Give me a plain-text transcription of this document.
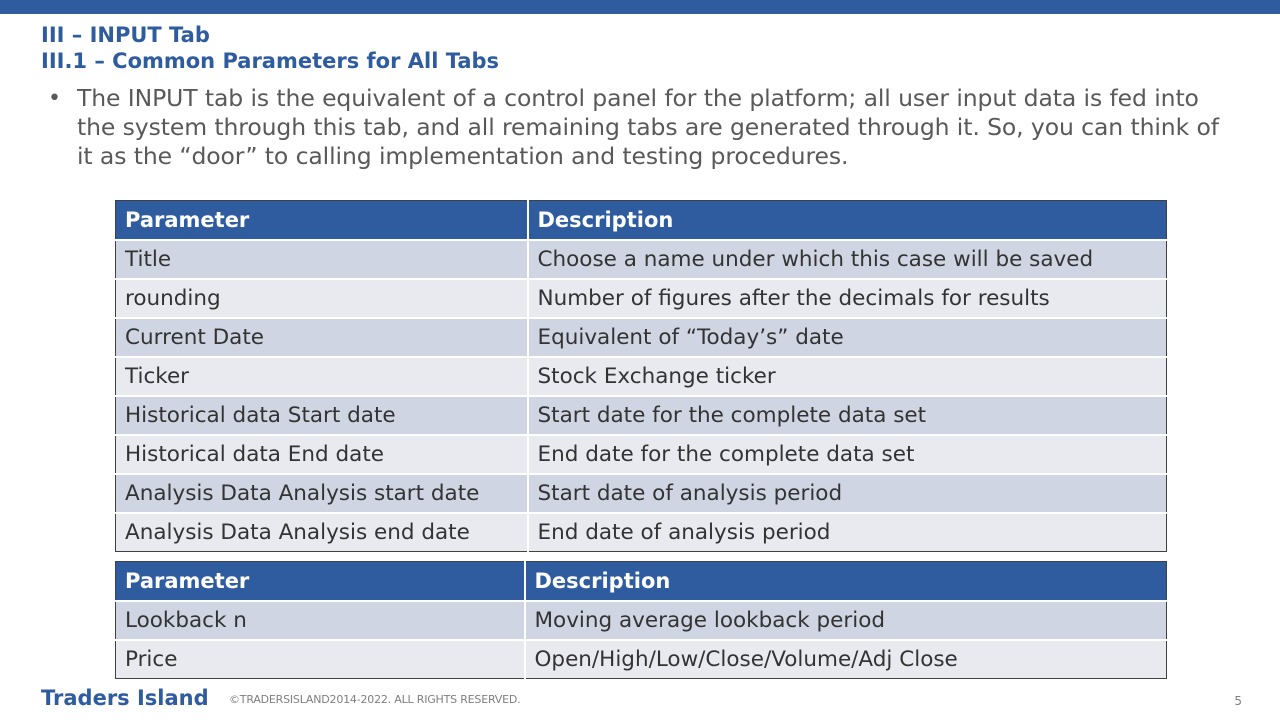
III – INPUT Tab
III.1 – Common Parameters for All Tabs
• The INPUT tab is the equivalent of a control panel for the platform; all user input data is fed into the system through this tab, and all remaining tabs are generated through it. So, you can think of it as the “door” to calling implementation and testing procedures.
Parameter	Description
Title	Choose a name under which this case will be saved
rounding	Number of figures after the decimals for results
Current Date	Equivalent of “Today’s” date
Ticker	Stock Exchange ticker
Historical data Start date	Start date for the complete data set
Historical data End date	End date for the complete data set
Analysis Data Analysis start date	Start date of analysis period
Analysis Data Analysis end date	End date of analysis period
Parameter	Description
Lookback n	Moving average lookback period
Price	Open/High/Low/Close/Volume/Adj Close
Traders Island ©TRADERSISLAND2014-2022. ALL RIGHTS RESERVED.	5
